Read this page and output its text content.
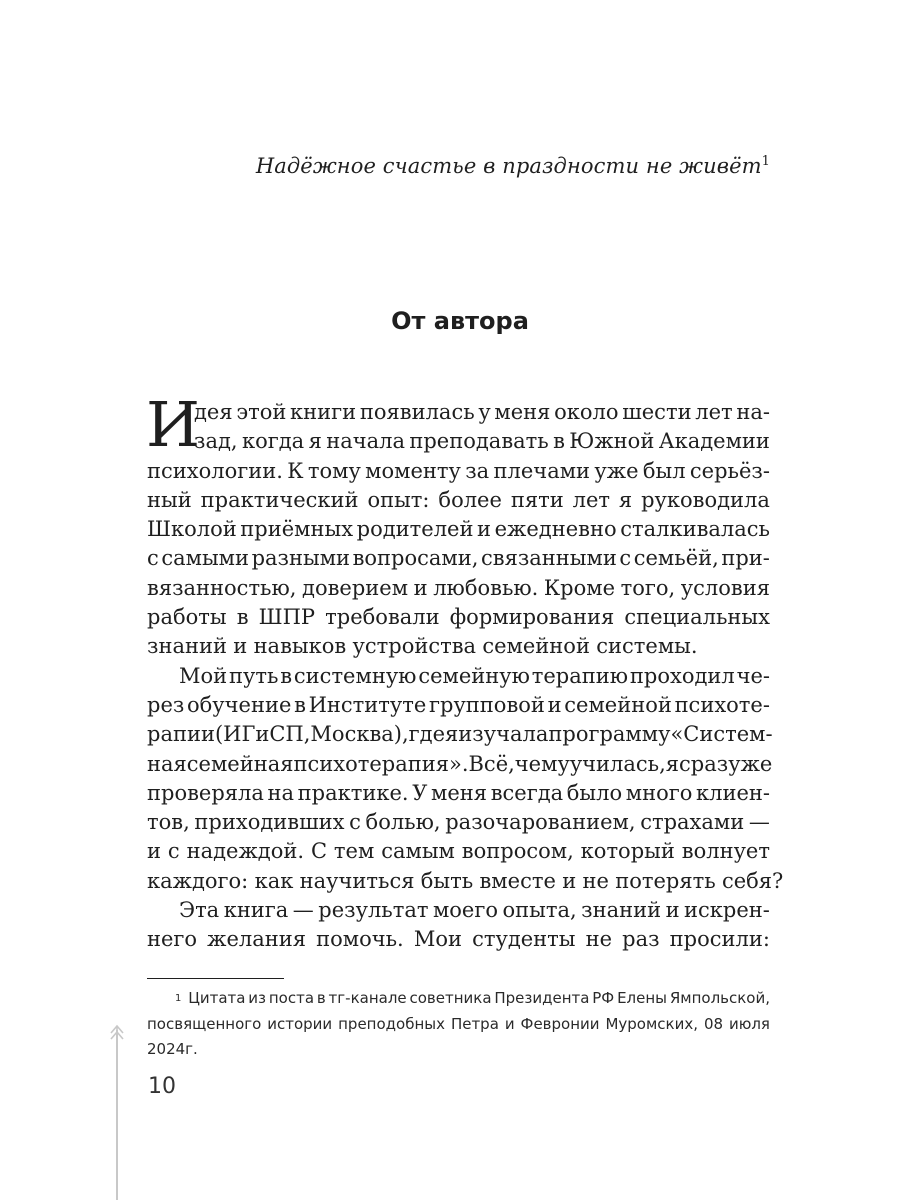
Надёжное счастье в праздности не живёт$^1$
От автора
И
дея этой книги появилась у меня около шести лет на-
зад, когда я начала преподавать в Южной Академии
психологии. К тому моменту за плечами уже был серьёз-
ный практический опыт: более пяти лет я руководила
Школой приёмных родителей и ежедневно сталкивалась
с самыми разными вопросами, связанными с семьёй, при-
вязанностью, доверием и любовью. Кроме того, условия
работы в ШПР требовали формирования специальных
знаний и навыков устройства семейной системы.
Мой путь в системную семейную терапию проходил че-
рез обучение в Институте групповой и семейной психоте-
рапии (ИГиСП, Москва), где я изучала программу «Систем-
ная семейная психотерапия». Всё, чему училась, я сразу же
проверяла на практике. У меня всегда было много клиен-
тов, приходивших с болью, разочарованием, страхами —
и с надеждой. С тем самым вопросом, который волнует
каждого: как научиться быть вместе и не потерять себя?
Эта книга — результат моего опыта, знаний и искрен-
него желания помочь. Мои студенты не раз просили:
1 Цитата из поста в тг-канале советника Президента РФ Елены Ямпольской,
посвященного истории преподобных Петра и Февронии Муромских, 08 июля
2024г.
10
